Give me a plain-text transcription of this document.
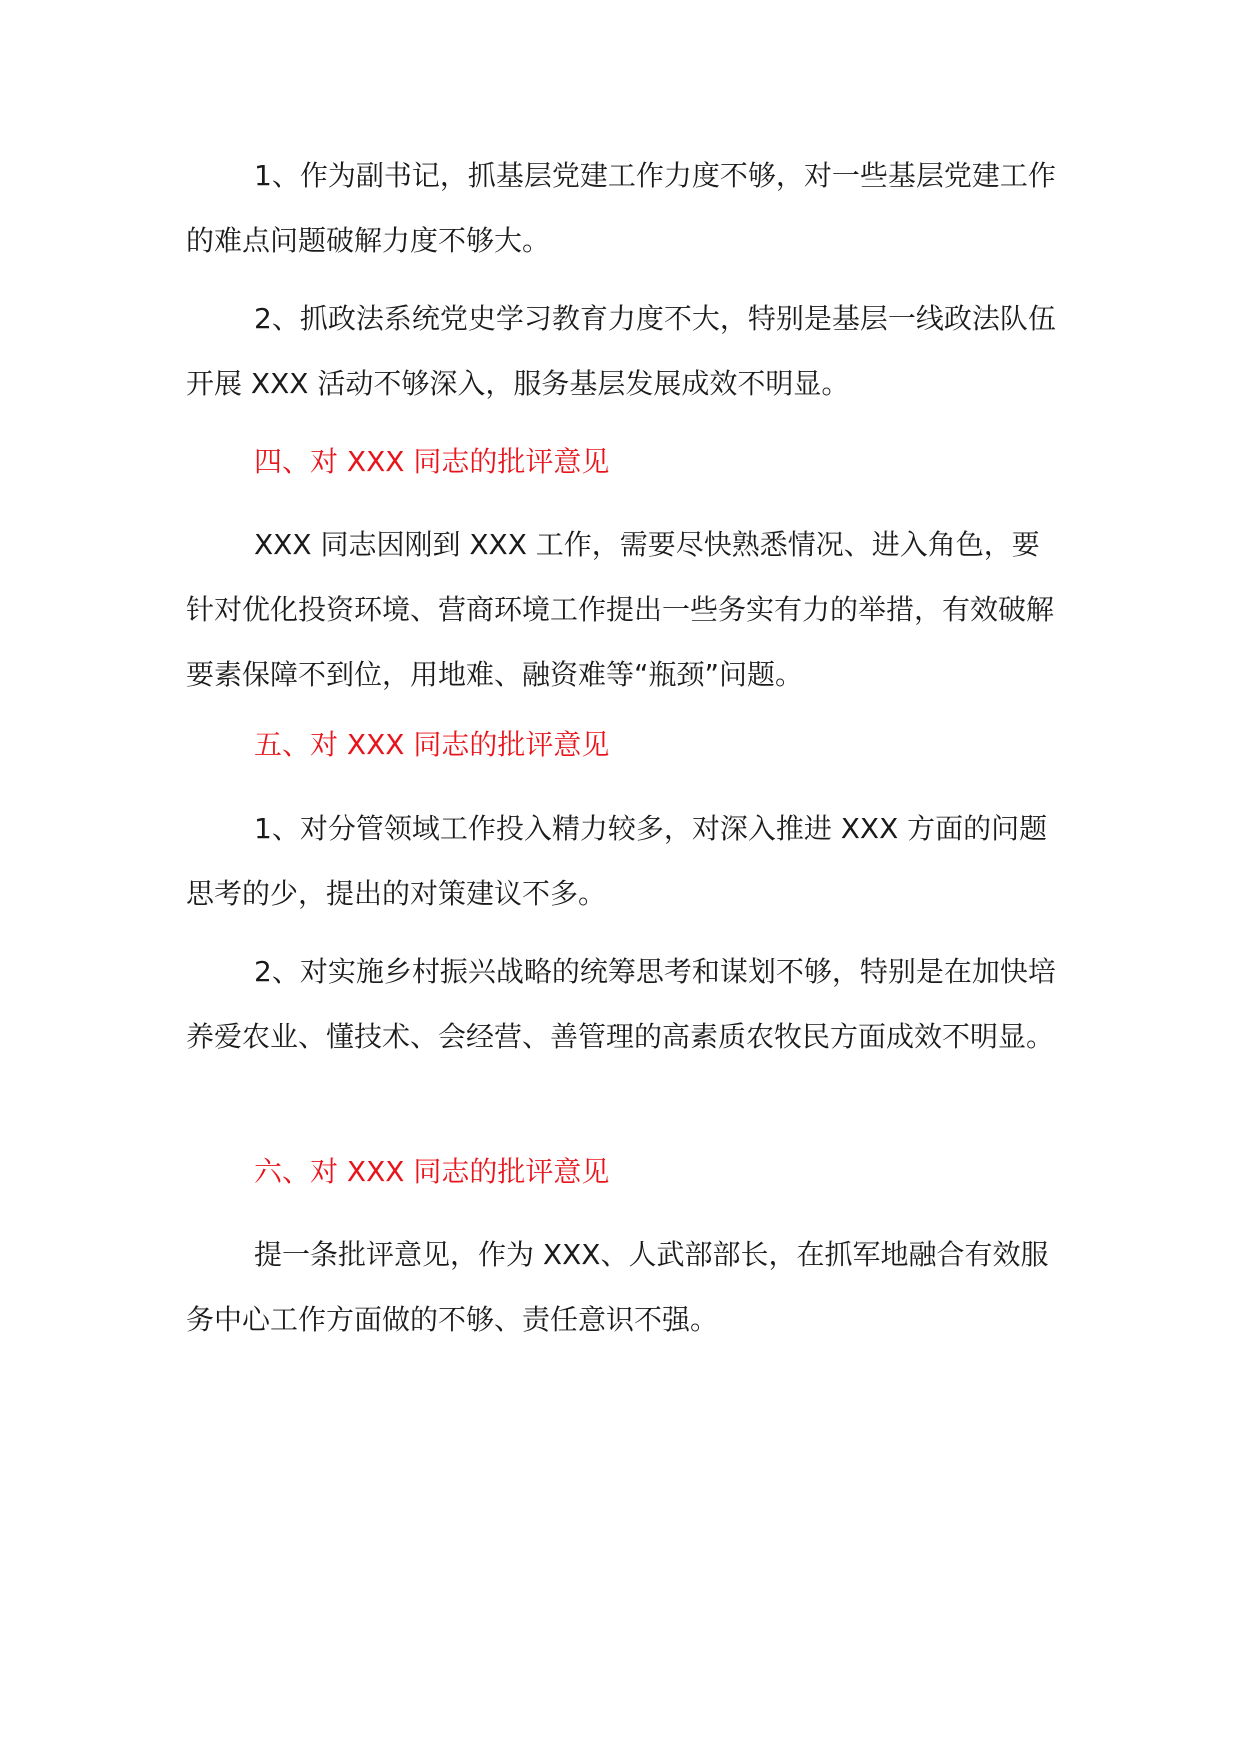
1、作为副书记，抓基层党建工作力度不够，对一些基层党建工作的难点问题破解力度不够大。

2、抓政法系统党史学习教育力度不大，特别是基层一线政法队伍开展 XXX 活动不够深入，服务基层发展成效不明显。

四、对 XXX 同志的批评意见

XXX 同志因刚到 XXX 工作，需要尽快熟悉情况、进入角色，要针对优化投资环境、营商环境工作提出一些务实有力的举措，有效破解要素保障不到位，用地难、融资难等“瓶颈”问题。

五、对 XXX 同志的批评意见

1、对分管领域工作投入精力较多，对深入推进 XXX 方面的问题思考的少，提出的对策建议不多。

2、对实施乡村振兴战略的统筹思考和谋划不够，特别是在加快培养爱农业、懂技术、会经营、善管理的高素质农牧民方面成效不明显。

六、对 XXX 同志的批评意见

提一条批评意见，作为 XXX、人武部部长，在抓军地融合有效服务中心工作方面做的不够、责任意识不强。
